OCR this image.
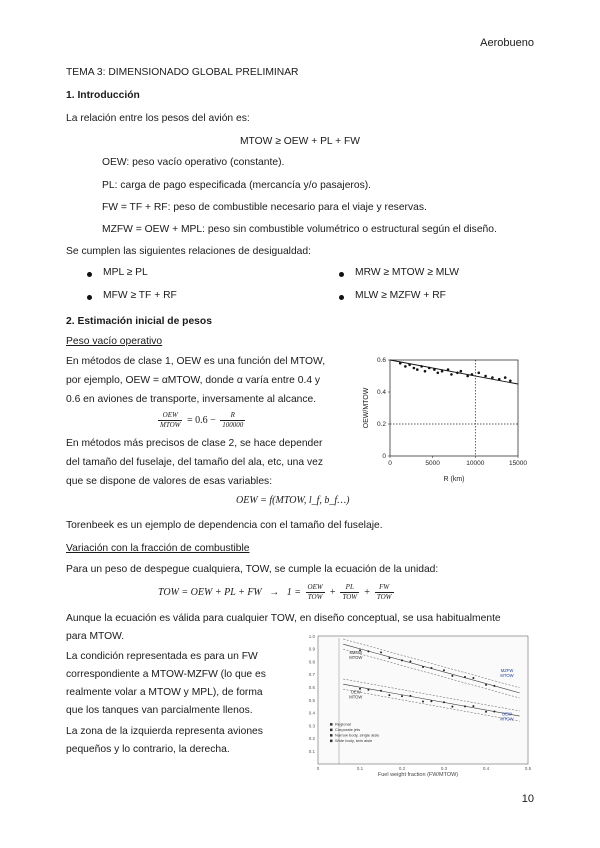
Aerobueno
TEMA 3: DIMENSIONADO GLOBAL PRELIMINAR
1. Introducción
La relación entre los pesos del avión es:
MTOW ≥ OEW + PL + FW
OEW: peso vacío operativo (constante).
PL: carga de pago especificada (mercancía y/o pasajeros).
FW = TF + RF: peso de combustible necesario para el viaje y reservas.
MZFW = OEW + MPL: peso sin combustible volumétrico o estructural según el diseño.
Se cumplen las siguientes relaciones de desigualdad:
MPL ≥ PL	MRW ≥ MTOW ≥ MLW
MFW ≥ TF + RF	MLW ≥ MZFW + RF
2. Estimación inicial de pesos
Peso vacío operativo
En métodos de clase 1, OEW es una función del MTOW,
por ejemplo, OEW = αMTOW, donde α varía entre 0.4 y
0.6 en aviones de transporte, inversamente al alcance.
$\frac{\text{OEW}}{\text{MTOW}} = 0.6 - \frac{R}{100000}$
En métodos más precisos de clase 2, se hace depender
del tamaño del fuselaje, del tamaño del ala, etc, una vez
que se dispone de valores de esas variables:
OEW = f(MTOW, l_f, b_f…)
Torenbeek es un ejemplo de dependencia con el tamaño del fuselaje.
Variación con la fracción de combustible
Para un peso de despegue cualquiera, TOW, se cumple la ecuación de la unidad:
TOW = OEW + PL + FW → $1 = \frac{\text{OEW}}{\text{TOW}} + \frac{PL}{\text{TOW}} + \frac{FW}{\text{TOW}}$
Aunque la ecuación es válida para cualquier TOW, en diseño conceptual, se usa habitualmente
para MTOW.
La condición representada es para un FW
correspondiente a MTOW-MZFW (lo que es
realmente volar a MTOW y MPL), de forma
que los tanques van parcialmente llenos.
La zona de la izquierda representa aviones
pequeños y lo contrario, la derecha.
0	5000	10000	15000
0.6
0.4
0.2
0
R (km)
OEW/MTOW
1.0
0.9
0.8
0.7
0.6
0.5
0.4
0.3
0.2
0.1
0	0.1	0.2	0.3	0.4	0.5
Regional
Corporate jets
Narrow body, single aisle
Wide body, twin aisle
MZFW MTOW
OEW MTOW
MZFW MTOW
OEW MTOW
Fuel weight fraction (FW/MTOW)
10
